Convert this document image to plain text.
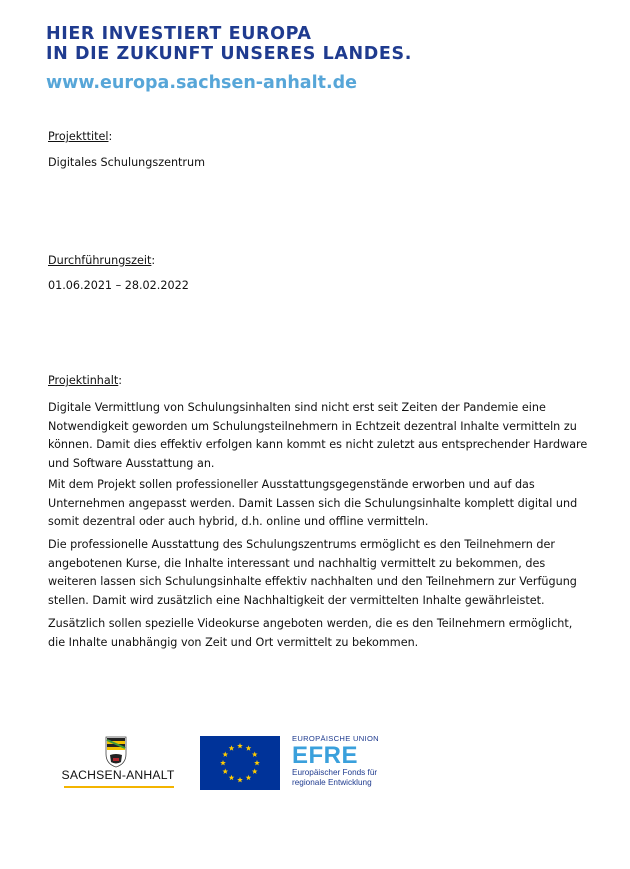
HIER INVESTIERT EUROPA
IN DIE ZUKUNFT UNSERES LANDES.
www.europa.sachsen-anhalt.de
Projekttitel:
Digitales Schulungszentrum
Durchführungszeit:
01.06.2021 – 28.02.2022
Projektinhalt:
Digitale Vermittlung von Schulungsinhalten sind nicht erst seit Zeiten der Pandemie eine
Notwendigkeit geworden um Schulungsteilnehmern in Echtzeit dezentral Inhalte vermitteln zu
können. Damit dies effektiv erfolgen kann kommt es nicht zuletzt aus entsprechender Hardware
und Software Ausstattung an.
Mit dem Projekt sollen professioneller Ausstattungsgegenstände erworben und auf das
Unternehmen angepasst werden. Damit Lassen sich die Schulungsinhalte komplett digital und
somit dezentral oder auch hybrid, d.h. online und offline vermitteln.
Die professionelle Ausstattung des Schulungszentrums ermöglicht es den Teilnehmern der
angebotenen Kurse, die Inhalte interessant und nachhaltig vermittelt zu bekommen, des
weiteren lassen sich Schulungsinhalte effektiv nachhalten und den Teilnehmern zur Verfügung
stellen. Damit wird zusätzlich eine Nachhaltigkeit der vermittelten Inhalte gewährleistet.
Zusätzlich sollen spezielle Videokurse angeboten werden, die es den Teilnehmern ermöglicht,
die Inhalte unabhängig von Zeit und Ort vermittelt zu bekommen.
SACHSEN-ANHALT
EUROPÄISCHE UNION
EFRE
Europäischer Fonds für
regionale Entwicklung
